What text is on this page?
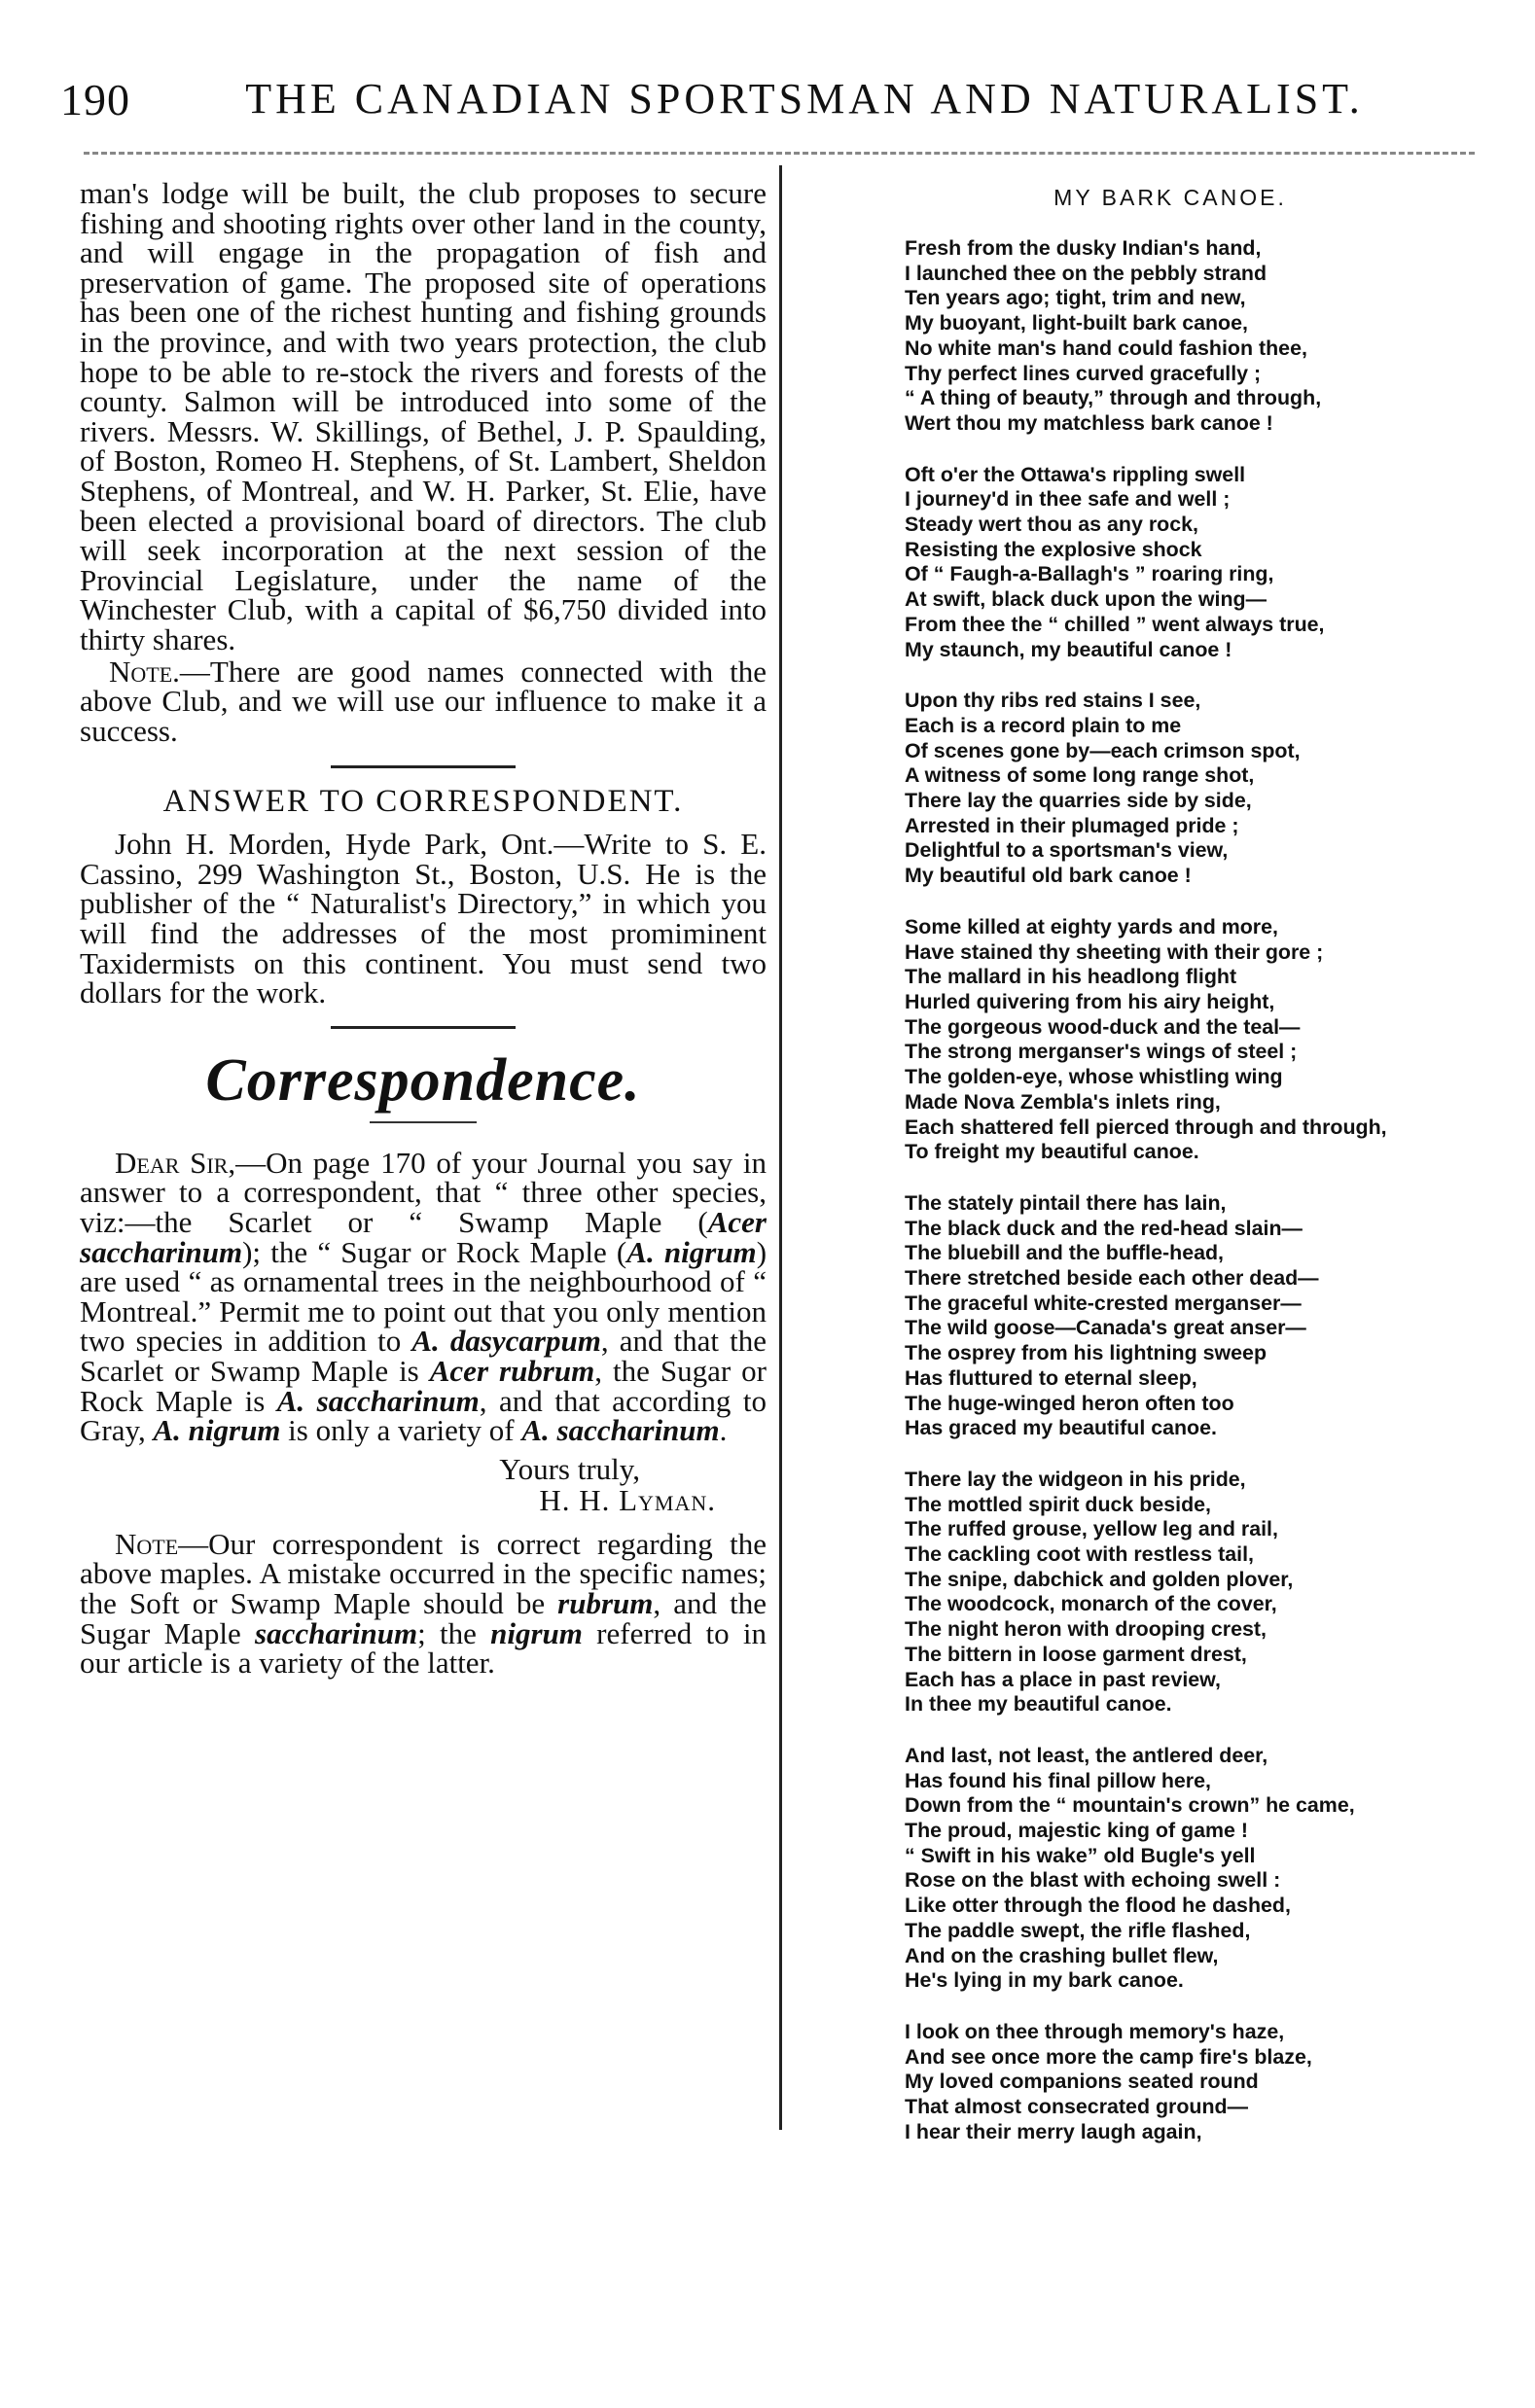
190	THE CANADIAN SPORTSMAN AND NATURALIST.

man's lodge will be built, the club proposes to secure fishing and shooting rights over other land in the county, and will engage in the propagation of fish and preservation of game. The proposed site of operations has been one of the richest hunting and fishing grounds in the province, and with two years protection, the club hope to be able to re-stock the rivers and forests of the county. Salmon will be introduced into some of the rivers. Messrs. W. Skillings, of Bethel, J. P. Spaulding, of Boston, Romeo H. Stephens, of St. Lambert, Sheldon Stephens, of Montreal, and W. H. Parker, St. Elie, have been elected a provisional board of directors. The club will seek incorporation at the next session of the Provincial Legislature, under the name of the Winchester Club, with a capital of $6,750 divided into thirty shares.

Note.—There are good names connected with the above Club, and we will use our influence to make it a success.

ANSWER TO CORRESPONDENT.

John H. Morden, Hyde Park, Ont.—Write to S. E. Cassino, 299 Washington St., Boston, U.S. He is the publisher of the “ Naturalist's Directory,” in which you will find the addresses of the most promiminent Taxidermists on this continent. You must send two dollars for the work.

Correspondence.

Dear Sir,—On page 170 of your Journal you say in answer to a correspondent, that “ three other species, viz:—the Scarlet or “ Swamp Maple (Acer saccharinum); the “ Sugar or Rock Maple (A. nigrum) are used “ as ornamental trees in the neighbourhood of “ Montreal.” Permit me to point out that you only mention two species in addition to A. dasycarpum, and that the Scarlet or Swamp Maple is Acer rubrum, the Sugar or Rock Maple is A. saccharinum, and that according to Gray, A. nigrum is only a variety of A. saccharinum.

Yours truly,
H. H. Lyman.

Note—Our correspondent is correct regarding the above maples. A mistake occurred in the specific names; the Soft or Swamp Maple should be rubrum, and the Sugar Maple saccharinum; the nigrum referred to in our article is a variety of the latter.

MY BARK CANOE.
Fresh from the dusky Indian's hand,
I launched thee on the pebbly strand
Ten years ago; tight, trim and new,
My buoyant, light-built bark canoe,
No white man's hand could fashion thee,
Thy perfect lines curved gracefully ;
“ A thing of beauty,” through and through,
Wert thou my matchless bark canoe !
Oft o'er the Ottawa's rippling swell
I journey'd in thee safe and well ;
Steady wert thou as any rock,
Resisting the explosive shock
Of “ Faugh-a-Ballagh's ” roaring ring,
At swift, black duck upon the wing—
From thee the “ chilled ” went always true,
My staunch, my beautiful canoe !
Upon thy ribs red stains I see,
Each is a record plain to me
Of scenes gone by—each crimson spot,
A witness of some long range shot,
There lay the quarries side by side,
Arrested in their plumaged pride ;
Delightful to a sportsman's view,
My beautiful old bark canoe !
Some killed at eighty yards and more,
Have stained thy sheeting with their gore ;
The mallard in his headlong flight
Hurled quivering from his airy height,
The gorgeous wood-duck and the teal—
The strong merganser's wings of steel ;
The golden-eye, whose whistling wing
Made Nova Zembla's inlets ring,
Each shattered fell pierced through and through,
To freight my beautiful canoe.
The stately pintail there has lain,
The black duck and the red-head slain—
The bluebill and the buffle-head,
There stretched beside each other dead—
The graceful white-crested merganser—
The wild goose—Canada's great anser—
The osprey from his lightning sweep
Has fluttured to eternal sleep,
The huge-winged heron often too
Has graced my beautiful canoe.
There lay the widgeon in his pride,
The mottled spirit duck beside,
The ruffed grouse, yellow leg and rail,
The cackling coot with restless tail,
The snipe, dabchick and golden plover,
The woodcock, monarch of the cover,
The night heron with drooping crest,
The bittern in loose garment drest,
Each has a place in past review,
In thee my beautiful canoe.
And last, not least, the antlered deer,
Has found his final pillow here,
Down from the “ mountain's crown” he came,
The proud, majestic king of game !
“ Swift in his wake” old Bugle's yell
Rose on the blast with echoing swell :
Like otter through the flood he dashed,
The paddle swept, the rifle flashed,
And on the crashing bullet flew,
He's lying in my bark canoe.
I look on thee through memory's haze,
And see once more the camp fire's blaze,
My loved companions seated round
That almost consecrated ground—
I hear their merry laugh again,
